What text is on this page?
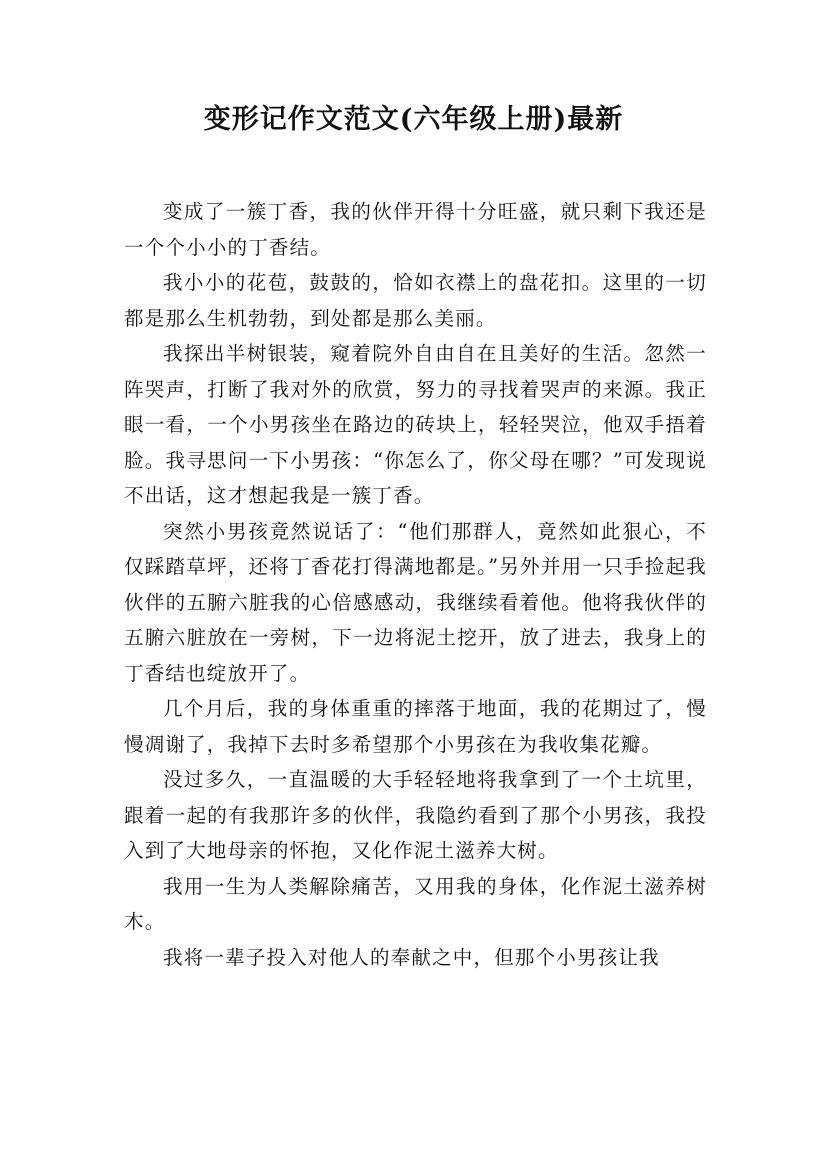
变形记作文范文(六年级上册)最新

变成了一簇丁香，我的伙伴开得十分旺盛，就只剩下我还是一个个小小的丁香结。

我小小的花苞，鼓鼓的，恰如衣襟上的盘花扣。这里的一切都是那么生机勃勃，到处都是那么美丽。

我探出半树银装，窥着院外自由自在且美好的生活。忽然一阵哭声，打断了我对外的欣赏，努力的寻找着哭声的来源。我正眼一看，一个小男孩坐在路边的砖块上，轻轻哭泣，他双手捂着脸。我寻思问一下小男孩：“你怎么了，你父母在哪？”可发现说不出话，这才想起我是一簇丁香。

突然小男孩竟然说话了：“他们那群人，竟然如此狠心，不仅踩踏草坪，还将丁香花打得满地都是。”另外并用一只手捡起我伙伴的五腑六脏我的心倍感感动，我继续看着他。他将我伙伴的五腑六脏放在一旁树，下一边将泥土挖开，放了进去，我身上的丁香结也绽放开了。

几个月后，我的身体重重的摔落于地面，我的花期过了，慢慢凋谢了，我掉下去时多希望那个小男孩在为我收集花瓣。

没过多久，一直温暖的大手轻轻地将我拿到了一个土坑里，跟着一起的有我那许多的伙伴，我隐约看到了那个小男孩，我投入到了大地母亲的怀抱，又化作泥土滋养大树。

我用一生为人类解除痛苦，又用我的身体，化作泥土滋养树木。

我将一辈子投入对他人的奉献之中，但那个小男孩让我
